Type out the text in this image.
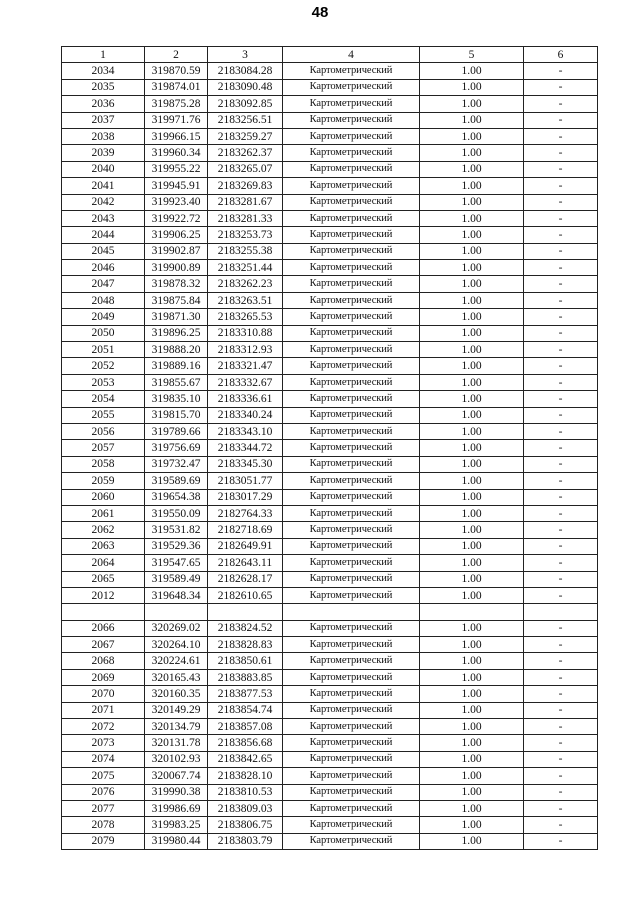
48
1	2	3	4	5	6
2034	319870.59	2183084.28	Картометрический	1.00	-
2035	319874.01	2183090.48	Картометрический	1.00	-
2036	319875.28	2183092.85	Картометрический	1.00	-
2037	319971.76	2183256.51	Картометрический	1.00	-
2038	319966.15	2183259.27	Картометрический	1.00	-
2039	319960.34	2183262.37	Картометрический	1.00	-
2040	319955.22	2183265.07	Картометрический	1.00	-
2041	319945.91	2183269.83	Картометрический	1.00	-
2042	319923.40	2183281.67	Картометрический	1.00	-
2043	319922.72	2183281.33	Картометрический	1.00	-
2044	319906.25	2183253.73	Картометрический	1.00	-
2045	319902.87	2183255.38	Картометрический	1.00	-
2046	319900.89	2183251.44	Картометрический	1.00	-
2047	319878.32	2183262.23	Картометрический	1.00	-
2048	319875.84	2183263.51	Картометрический	1.00	-
2049	319871.30	2183265.53	Картометрический	1.00	-
2050	319896.25	2183310.88	Картометрический	1.00	-
2051	319888.20	2183312.93	Картометрический	1.00	-
2052	319889.16	2183321.47	Картометрический	1.00	-
2053	319855.67	2183332.67	Картометрический	1.00	-
2054	319835.10	2183336.61	Картометрический	1.00	-
2055	319815.70	2183340.24	Картометрический	1.00	-
2056	319789.66	2183343.10	Картометрический	1.00	-
2057	319756.69	2183344.72	Картометрический	1.00	-
2058	319732.47	2183345.30	Картометрический	1.00	-
2059	319589.69	2183051.77	Картометрический	1.00	-
2060	319654.38	2183017.29	Картометрический	1.00	-
2061	319550.09	2182764.33	Картометрический	1.00	-
2062	319531.82	2182718.69	Картометрический	1.00	-
2063	319529.36	2182649.91	Картометрический	1.00	-
2064	319547.65	2182643.11	Картометрический	1.00	-
2065	319589.49	2182628.17	Картометрический	1.00	-
2012	319648.34	2182610.65	Картометрический	1.00	-

2066	320269.02	2183824.52	Картометрический	1.00	-
2067	320264.10	2183828.83	Картометрический	1.00	-
2068	320224.61	2183850.61	Картометрический	1.00	-
2069	320165.43	2183883.85	Картометрический	1.00	-
2070	320160.35	2183877.53	Картометрический	1.00	-
2071	320149.29	2183854.74	Картометрический	1.00	-
2072	320134.79	2183857.08	Картометрический	1.00	-
2073	320131.78	2183856.68	Картометрический	1.00	-
2074	320102.93	2183842.65	Картометрический	1.00	-
2075	320067.74	2183828.10	Картометрический	1.00	-
2076	319990.38	2183810.53	Картометрический	1.00	-
2077	319986.69	2183809.03	Картометрический	1.00	-
2078	319983.25	2183806.75	Картометрический	1.00	-
2079	319980.44	2183803.79	Картометрический	1.00	-
